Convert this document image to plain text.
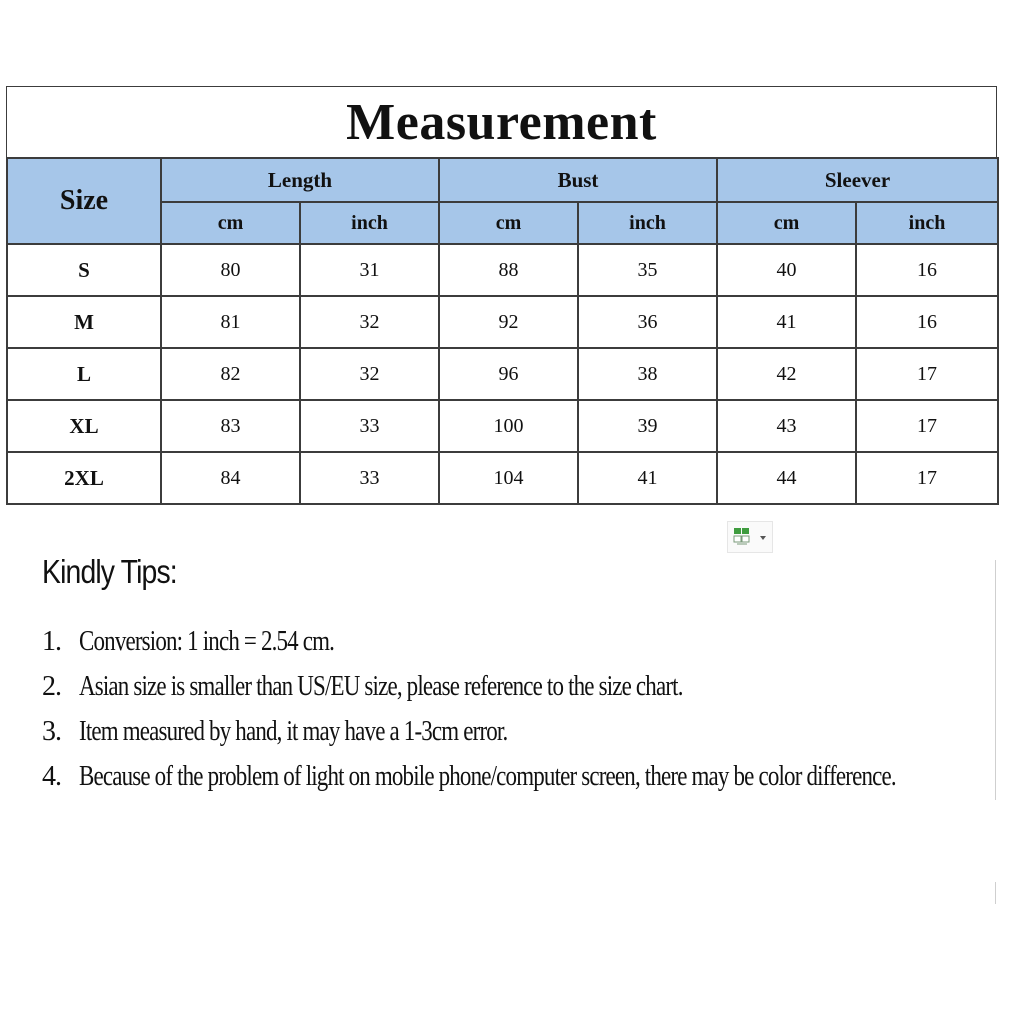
Measurement
Size	Length		Bust		Sleever	
	cm	inch	cm	inch	cm	inch
S	80	31	88	35	40	16
M	81	32	92	36	41	16
L	82	32	96	38	42	17
XL	83	33	100	39	43	17
2XL	84	33	104	41	44	17
Kindly Tips:
1. Conversion: 1 inch = 2.54 cm.
2. Asian size is smaller than US/EU size, please reference to the size chart.
3. Item measured by hand, it may have a 1-3cm error.
4. Because of the problem of light on mobile phone/computer screen, there may be color difference.
